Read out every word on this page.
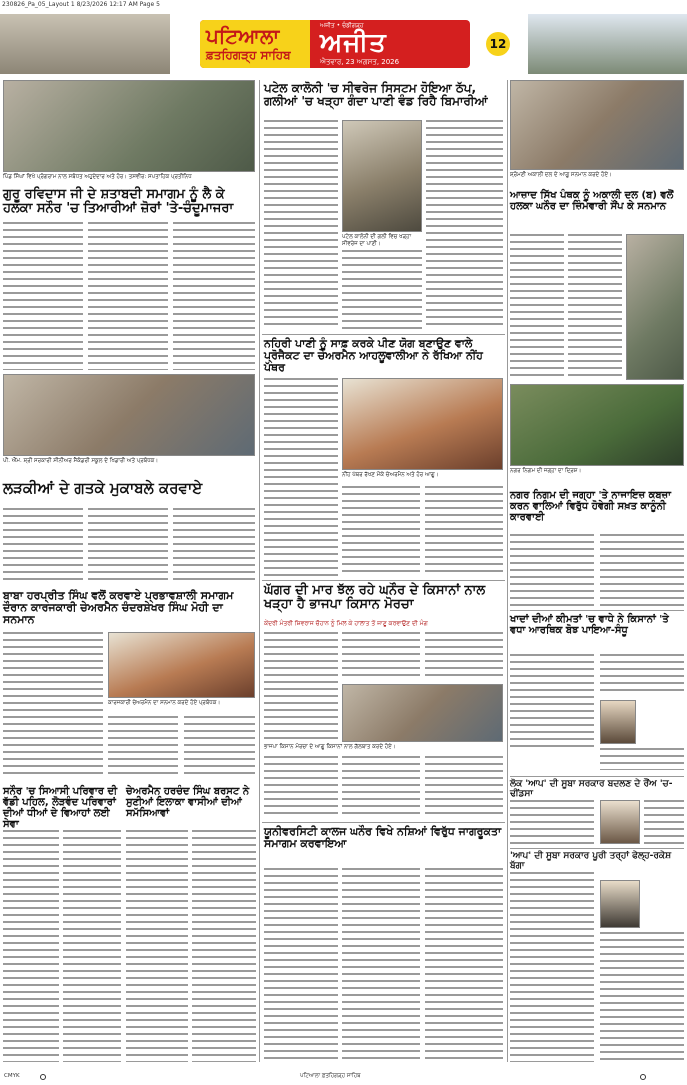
230826_Pa_05_Layout 1 8/23/2026 12:17 AM Page 5
ਪਟਿਆਲਾ
ਫ਼ਤਹਿਗੜ੍ਹ ਸਾਹਿਬ
ਅਜੀਤ • ਚੰਡੀਗੜ੍ਹ
ਅਜੀਤ
ਐਤਵਾਰ, 23 ਅਗਸਤ, 2026
12
ਪਿੰਡ ਸਿੰਘਾਂ ਵਿਖੇ ਪ੍ਰੋਗਰਾਮ ਨਾਲ ਸਬੰਧਤ ਅਹੁਦੇਦਾਰ ਅਤੇ ਹੋਰ। ਤਸਵੀਰ: ਸਪਤਾਹਿਕ ਪ੍ਰਤੀਨਿਧ
ਗੁਰੂ ਰਵਿਦਾਸ ਜੀ ਦੇ ਸ਼ਤਾਬਦੀ ਸਮਾਗਮ ਨੂੰ ਲੈ ਕੇ ਹਲਕਾ ਸਨੌਰ 'ਚ ਤਿਆਰੀਆਂ ਜ਼ੋਰਾਂ 'ਤੇ-ਚੰਦੂਮਾਜਰਾ
ਪੀ. ਐੱਮ. ਸ਼੍ਰੀ ਸਰਕਾਰੀ ਸੀਨੀਅਰ ਸੈਕੰਡਰੀ ਸਕੂਲ ਦੇ ਖਿਡਾਰੀ ਅਤੇ ਪ੍ਰਬੰਧਕ।
ਲੜਕੀਆਂ ਦੇ ਗਤਕੇ ਮੁਕਾਬਲੇ ਕਰਵਾਏ
ਬਾਬਾ ਹਰਪ੍ਰੀਤ ਸਿੰਘ ਵਲੋਂ ਕਰਵਾਏ ਪ੍ਰਭਾਵਸ਼ਾਲੀ ਸਮਾਗਮ ਦੌਰਾਨ ਕਾਰਜਕਾਰੀ ਚੇਅਰਮੈਨ ਚੰਦਰਸ਼ੇਖਰ ਸਿੰਘ ਮੋਹੀ ਦਾ ਸਨਮਾਨ
ਕਾਰਜਕਾਰੀ ਚੇਅਰਮੈਨ ਦਾ ਸਨਮਾਨ ਕਰਦੇ ਹੋਏ ਪ੍ਰਬੰਧਕ।
ਸਨੌਰ 'ਚ ਸਿਆਸੀ ਪਰਿਵਾਰ ਦੀ ਵੱਡੀ ਪਹਿਲ, ਲੋੜਵੰਦ ਪਰਿਵਾਰਾਂ ਦੀਆਂ ਧੀਆਂ ਦੇ ਵਿਆਹਾਂ ਲਈ ਸੇਵਾ
ਚੇਅਰਮੈਨ ਹਰਚੰਦ ਸਿੰਘ ਬਰਸਟ ਨੇ ਸੁਣੀਆਂ ਇਲਾਕਾ ਵਾਸੀਆਂ ਦੀਆਂ ਸਮੱਸਿਆਵਾਂ
ਪਟੇਲ ਕਾਲੋਨੀ 'ਚ ਸੀਵਰੇਜ ਸਿਸਟਮ ਹੋਇਆ ਠੱਪ, ਗਲੀਆਂ 'ਚ ਖੜ੍ਹਾ ਗੰਦਾ ਪਾਣੀ ਵੰਡ ਰਿਹੈ ਬਿਮਾਰੀਆਂ
ਪਟੇਲ ਕਾਲੋਨੀ ਦੀ ਗਲੀ ਵਿਚ ਖੜ੍ਹਾ ਸੀਵਰੇਜ ਦਾ ਪਾਣੀ।
ਨਹਿਰੀ ਪਾਣੀ ਨੂੰ ਸਾਫ਼ ਕਰਕੇ ਪੀਣ ਯੋਗ ਬਣਾਉਣ ਵਾਲੇ ਪ੍ਰੋਜੈਕਟ ਦਾ ਚੇਅਰਮੈਨ ਆਹਲੂਵਾਲੀਆ ਨੇ ਰੱਖਿਆ ਨੀਂਹ ਪੱਥਰ
ਨੀਂਹ ਪੱਥਰ ਰੱਖਣ ਮੌਕੇ ਚੇਅਰਮੈਨ ਅਤੇ ਹੋਰ ਆਗੂ।
ਘੱਗਰ ਦੀ ਮਾਰ ਝੱਲ ਰਹੇ ਘਨੌਰ ਦੇ ਕਿਸਾਨਾਂ ਨਾਲ ਖੜ੍ਹਾ ਹੈ ਭਾਜਪਾ ਕਿਸਾਨ ਮੋਰਚਾ
ਕੇਂਦਰੀ ਮੰਤਰੀ ਸ਼ਿਵਰਾਜ ਚੌਹਾਨ ਨੂੰ ਮਿਲ ਕੇ ਹਾਲਾਤ ਤੋਂ ਜਾਣੂ ਕਰਵਾਉਣ ਦੀ ਮੰਗ
ਭਾਜਪਾ ਕਿਸਾਨ ਮੋਰਚਾ ਦੇ ਆਗੂ ਕਿਸਾਨਾਂ ਨਾਲ ਗੱਲਬਾਤ ਕਰਦੇ ਹੋਏ।
ਯੂਨੀਵਰਸਿਟੀ ਕਾਲਜ ਘਨੌਰ ਵਿਖੇ ਨਸ਼ਿਆਂ ਵਿਰੁੱਧ ਜਾਗਰੂਕਤਾ ਸਮਾਗਮ ਕਰਵਾਇਆ
ਸ਼੍ਰੋਮਣੀ ਅਕਾਲੀ ਦਲ ਦੇ ਆਗੂ ਸਨਮਾਨ ਕਰਦੇ ਹੋਏ।
ਆਜ਼ਾਦ ਸਿੱਖ ਪੰਥਕ ਨੂੰ ਅਕਾਲੀ ਦਲ (ਬ) ਵਲੋਂ ਹਲਕਾ ਘਨੌਰ ਦਾ ਜ਼ਿੰਮੇਵਾਰੀ ਸੌਂਪ ਕੇ ਸਨਮਾਨ
ਨਗਰ ਨਿਗਮ ਦੀ ਜਗ੍ਹਾ ਦਾ ਦ੍ਰਿਸ਼।
ਨਗਰ ਨਿਗਮ ਦੀ ਜਗ੍ਹਾ 'ਤੇ ਨਾਜਾਇਜ਼ ਕਬਜ਼ਾ ਕਰਨ ਵਾਲਿਆਂ ਵਿਰੁੱਧ ਹੋਵੇਗੀ ਸਖ਼ਤ ਕਾਨੂੰਨੀ ਕਾਰਵਾਈ
ਖਾਦਾਂ ਦੀਆਂ ਕੀਮਤਾਂ 'ਚ ਵਾਧੇ ਨੇ ਕਿਸਾਨਾਂ 'ਤੇ ਵਧਾ ਆਰਥਿਕ ਬੋਝ ਪਾਇਆ-ਸੰਧੂ
ਲੋਕ 'ਆਪ' ਦੀ ਸੂਬਾ ਸਰਕਾਰ ਬਦਲਣ ਦੇ ਰੌਂਅ 'ਚ-ਢੀਂਡਸਾ
'ਆਪ' ਦੀ ਸੂਬਾ ਸਰਕਾਰ ਪੂਰੀ ਤਰ੍ਹਾਂ ਫੇਲ੍ਹ-ਰਕੇਸ਼ ਬੱਗਾ
CMYK	ਪਟਿਆਲਾ ਫ਼ਤਹਿਗੜ੍ਹ ਸਾਹਿਬ
